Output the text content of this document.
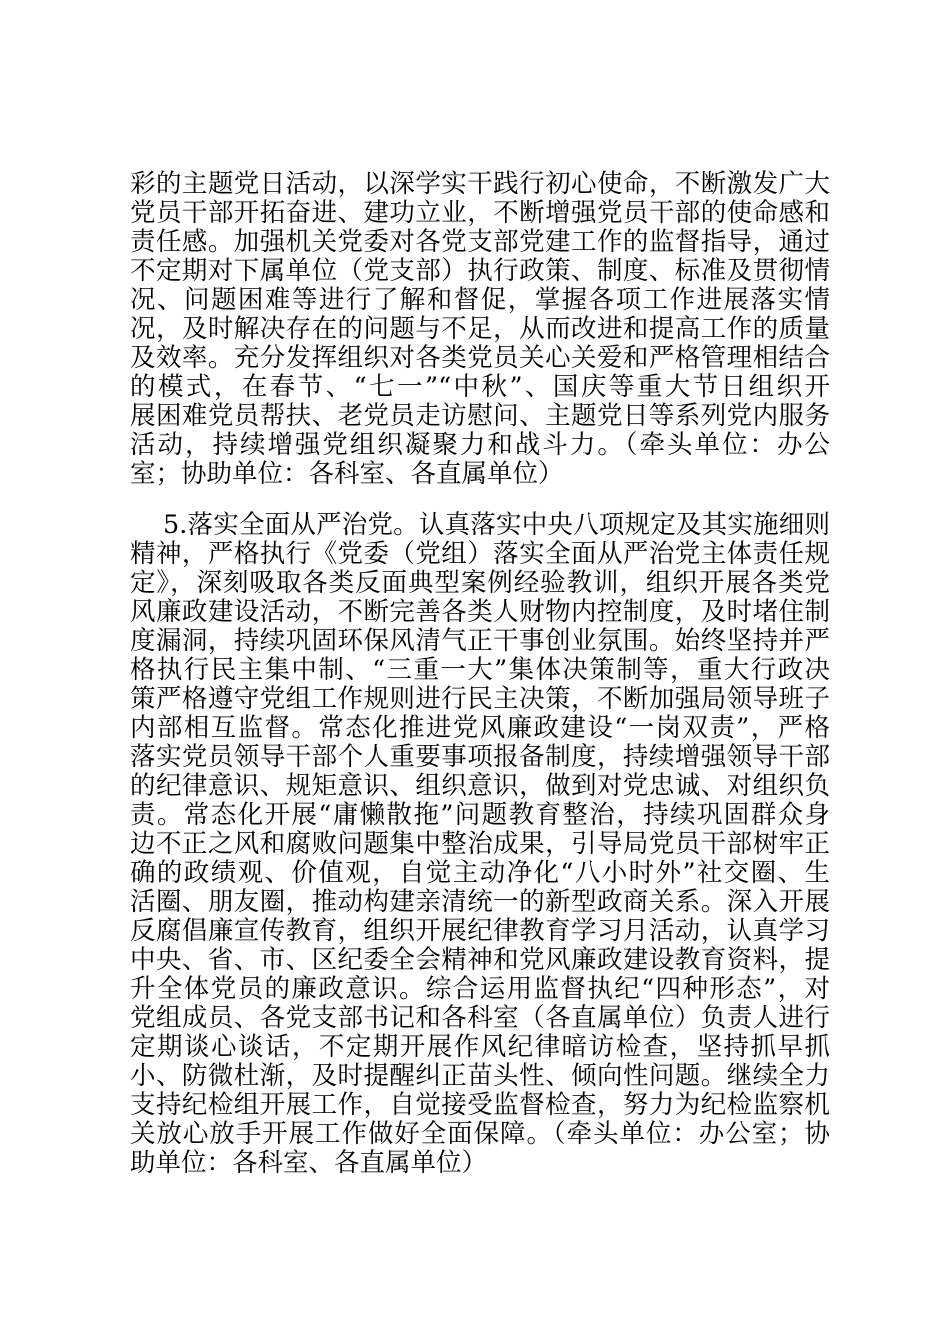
彩的主题党日活动，以深学实干践行初心使命，不断激发广大
党员干部开拓奋进、建功立业，不断增强党员干部的使命感和
责任感。加强机关党委对各党支部党建工作的监督指导，通过
不定期对下属单位（党支部）执行政策、制度、标准及贯彻情
况、问题困难等进行了解和督促，掌握各项工作进展落实情
况，及时解决存在的问题与不足，从而改进和提高工作的质量
及效率。充分发挥组织对各类党员关心关爱和严格管理相结合
的模式，在春节、“七一”“中秋”、国庆等重大节日组织开
展困难党员帮扶、老党员走访慰问、主题党日等系列党内服务
活动，持续增强党组织凝聚力和战斗力。（牵头单位：办公
室；协助单位：各科室、各直属单位）

5.落实全面从严治党。认真落实中央八项规定及其实施细则
精神，严格执行《党委（党组）落实全面从严治党主体责任规
定》，深刻吸取各类反面典型案例经验教训，组织开展各类党
风廉政建设活动，不断完善各类人财物内控制度，及时堵住制
度漏洞，持续巩固环保风清气正干事创业氛围。始终坚持并严
格执行民主集中制、“三重一大”集体决策制等，重大行政决
策严格遵守党组工作规则进行民主决策，不断加强局领导班子
内部相互监督。常态化推进党风廉政建设“一岗双责”，严格
落实党员领导干部个人重要事项报备制度，持续增强领导干部
的纪律意识、规矩意识、组织意识，做到对党忠诚、对组织负
责。常态化开展“庸懒散拖”问题教育整治，持续巩固群众身
边不正之风和腐败问题集中整治成果，引导局党员干部树牢正
确的政绩观、价值观，自觉主动净化“八小时外”社交圈、生
活圈、朋友圈，推动构建亲清统一的新型政商关系。深入开展
反腐倡廉宣传教育，组织开展纪律教育学习月活动，认真学习
中央、省、市、区纪委全会精神和党风廉政建设教育资料，提
升全体党员的廉政意识。综合运用监督执纪“四种形态”，对
党组成员、各党支部书记和各科室（各直属单位）负责人进行
定期谈心谈话，不定期开展作风纪律暗访检查，坚持抓早抓
小、防微杜渐，及时提醒纠正苗头性、倾向性问题。继续全力
支持纪检组开展工作，自觉接受监督检查，努力为纪检监察机
关放心放手开展工作做好全面保障。（牵头单位：办公室；协
助单位：各科室、各直属单位）
